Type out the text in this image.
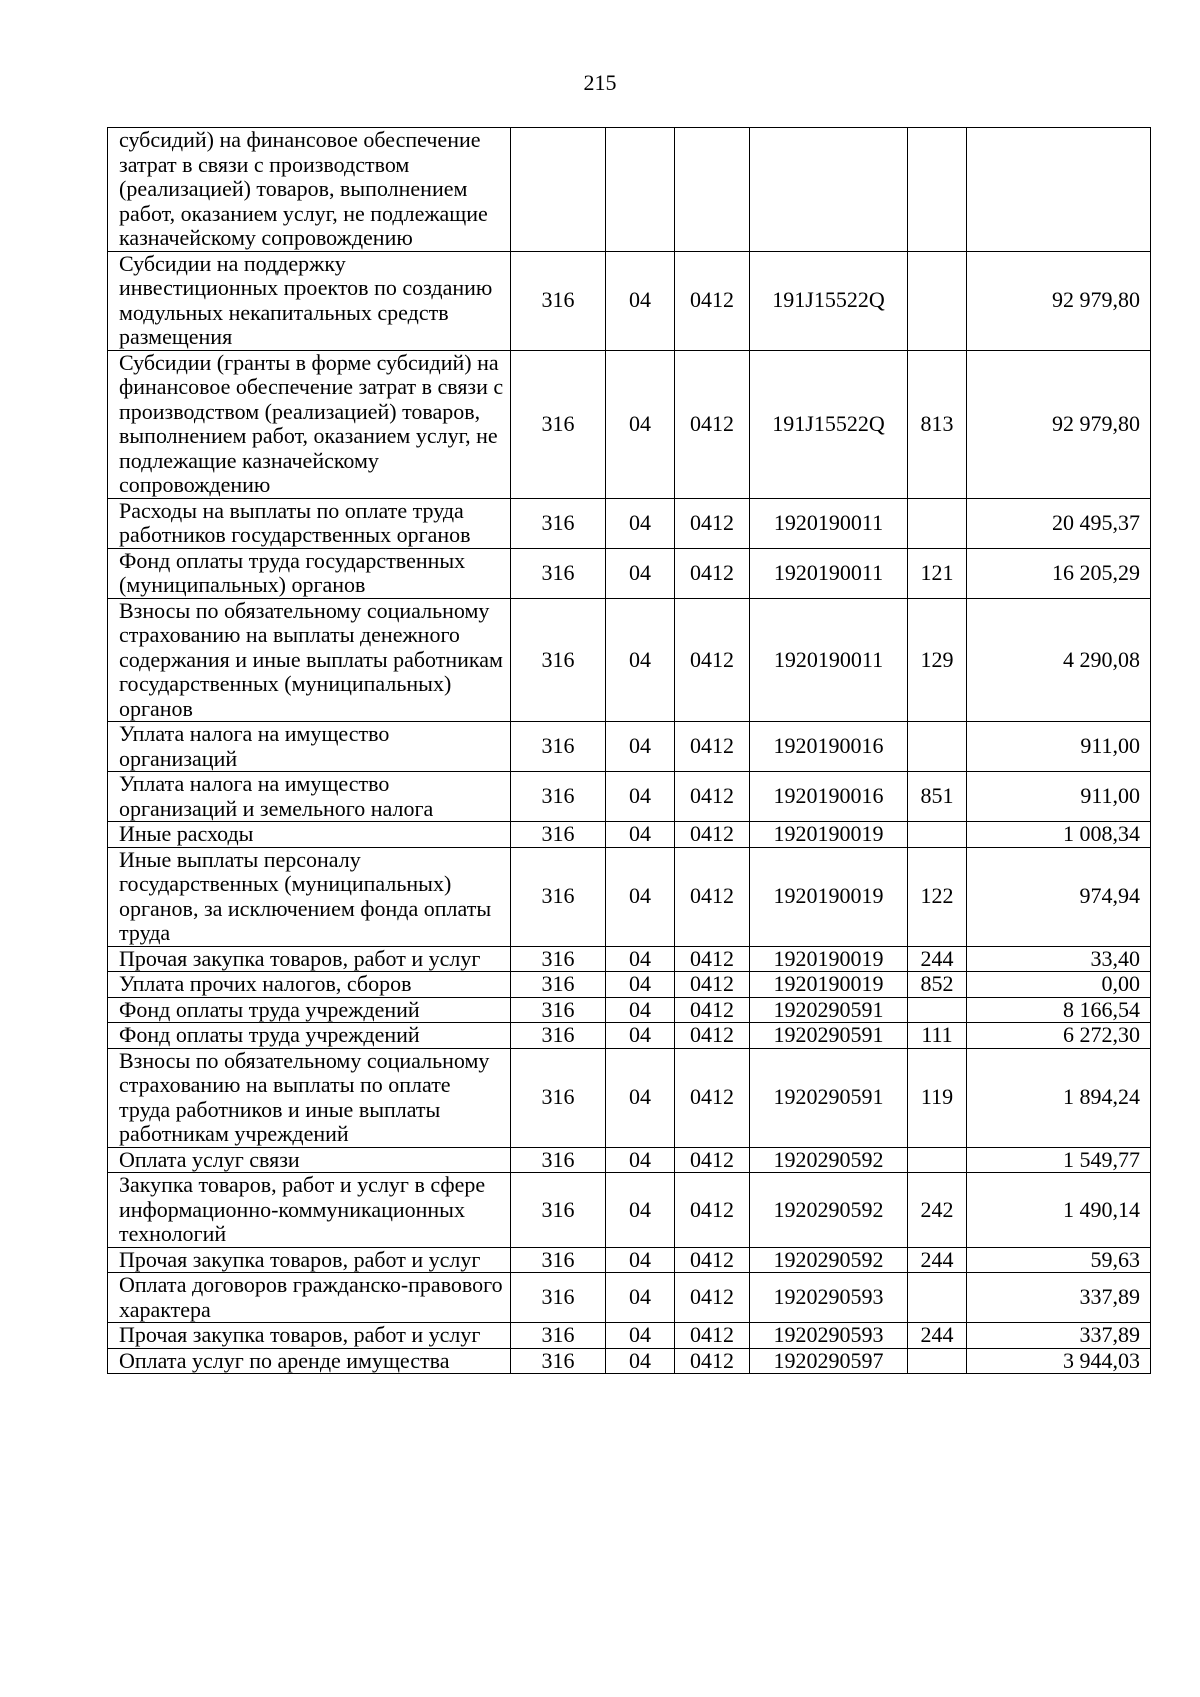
215
субсидий) на финансовое обеспечение затрат в связи с производством (реализацией) товаров, выполнением работ, оказанием услуг, не подлежащие казначейскому сопровождению						
Субсидии на поддержку инвестиционных проектов по созданию модульных некапитальных средств размещения	316	04	0412	191J15522Q		92 979,80
Субсидии (гранты в форме субсидий) на финансовое обеспечение затрат в связи с производством (реализацией) товаров, выполнением работ, оказанием услуг, не подлежащие казначейскому сопровождению	316	04	0412	191J15522Q	813	92 979,80
Расходы на выплаты по оплате труда работников государственных органов	316	04	0412	1920190011		20 495,37
Фонд оплаты труда государственных (муниципальных) органов	316	04	0412	1920190011	121	16 205,29
Взносы по обязательному социальному страхованию на выплаты денежного содержания и иные выплаты работникам государственных (муниципальных) органов	316	04	0412	1920190011	129	4 290,08
Уплата налога на имущество организаций	316	04	0412	1920190016		911,00
Уплата налога на имущество организаций и земельного налога	316	04	0412	1920190016	851	911,00
Иные расходы	316	04	0412	1920190019		1 008,34
Иные выплаты персоналу государственных (муниципальных) органов, за исключением фонда оплаты труда	316	04	0412	1920190019	122	974,94
Прочая закупка товаров, работ и услуг	316	04	0412	1920190019	244	33,40
Уплата прочих налогов, сборов	316	04	0412	1920190019	852	0,00
Фонд оплаты труда учреждений	316	04	0412	1920290591		8 166,54
Фонд оплаты труда учреждений	316	04	0412	1920290591	111	6 272,30
Взносы по обязательному социальному страхованию на выплаты по оплате труда работников и иные выплаты работникам учреждений	316	04	0412	1920290591	119	1 894,24
Оплата услуг связи	316	04	0412	1920290592		1 549,77
Закупка товаров, работ и услуг в сфере информационно-коммуникационных технологий	316	04	0412	1920290592	242	1 490,14
Прочая закупка товаров, работ и услуг	316	04	0412	1920290592	244	59,63
Оплата договоров гражданско-правового характера	316	04	0412	1920290593		337,89
Прочая закупка товаров, работ и услуг	316	04	0412	1920290593	244	337,89
Оплата услуг по аренде имущества	316	04	0412	1920290597		3 944,03
